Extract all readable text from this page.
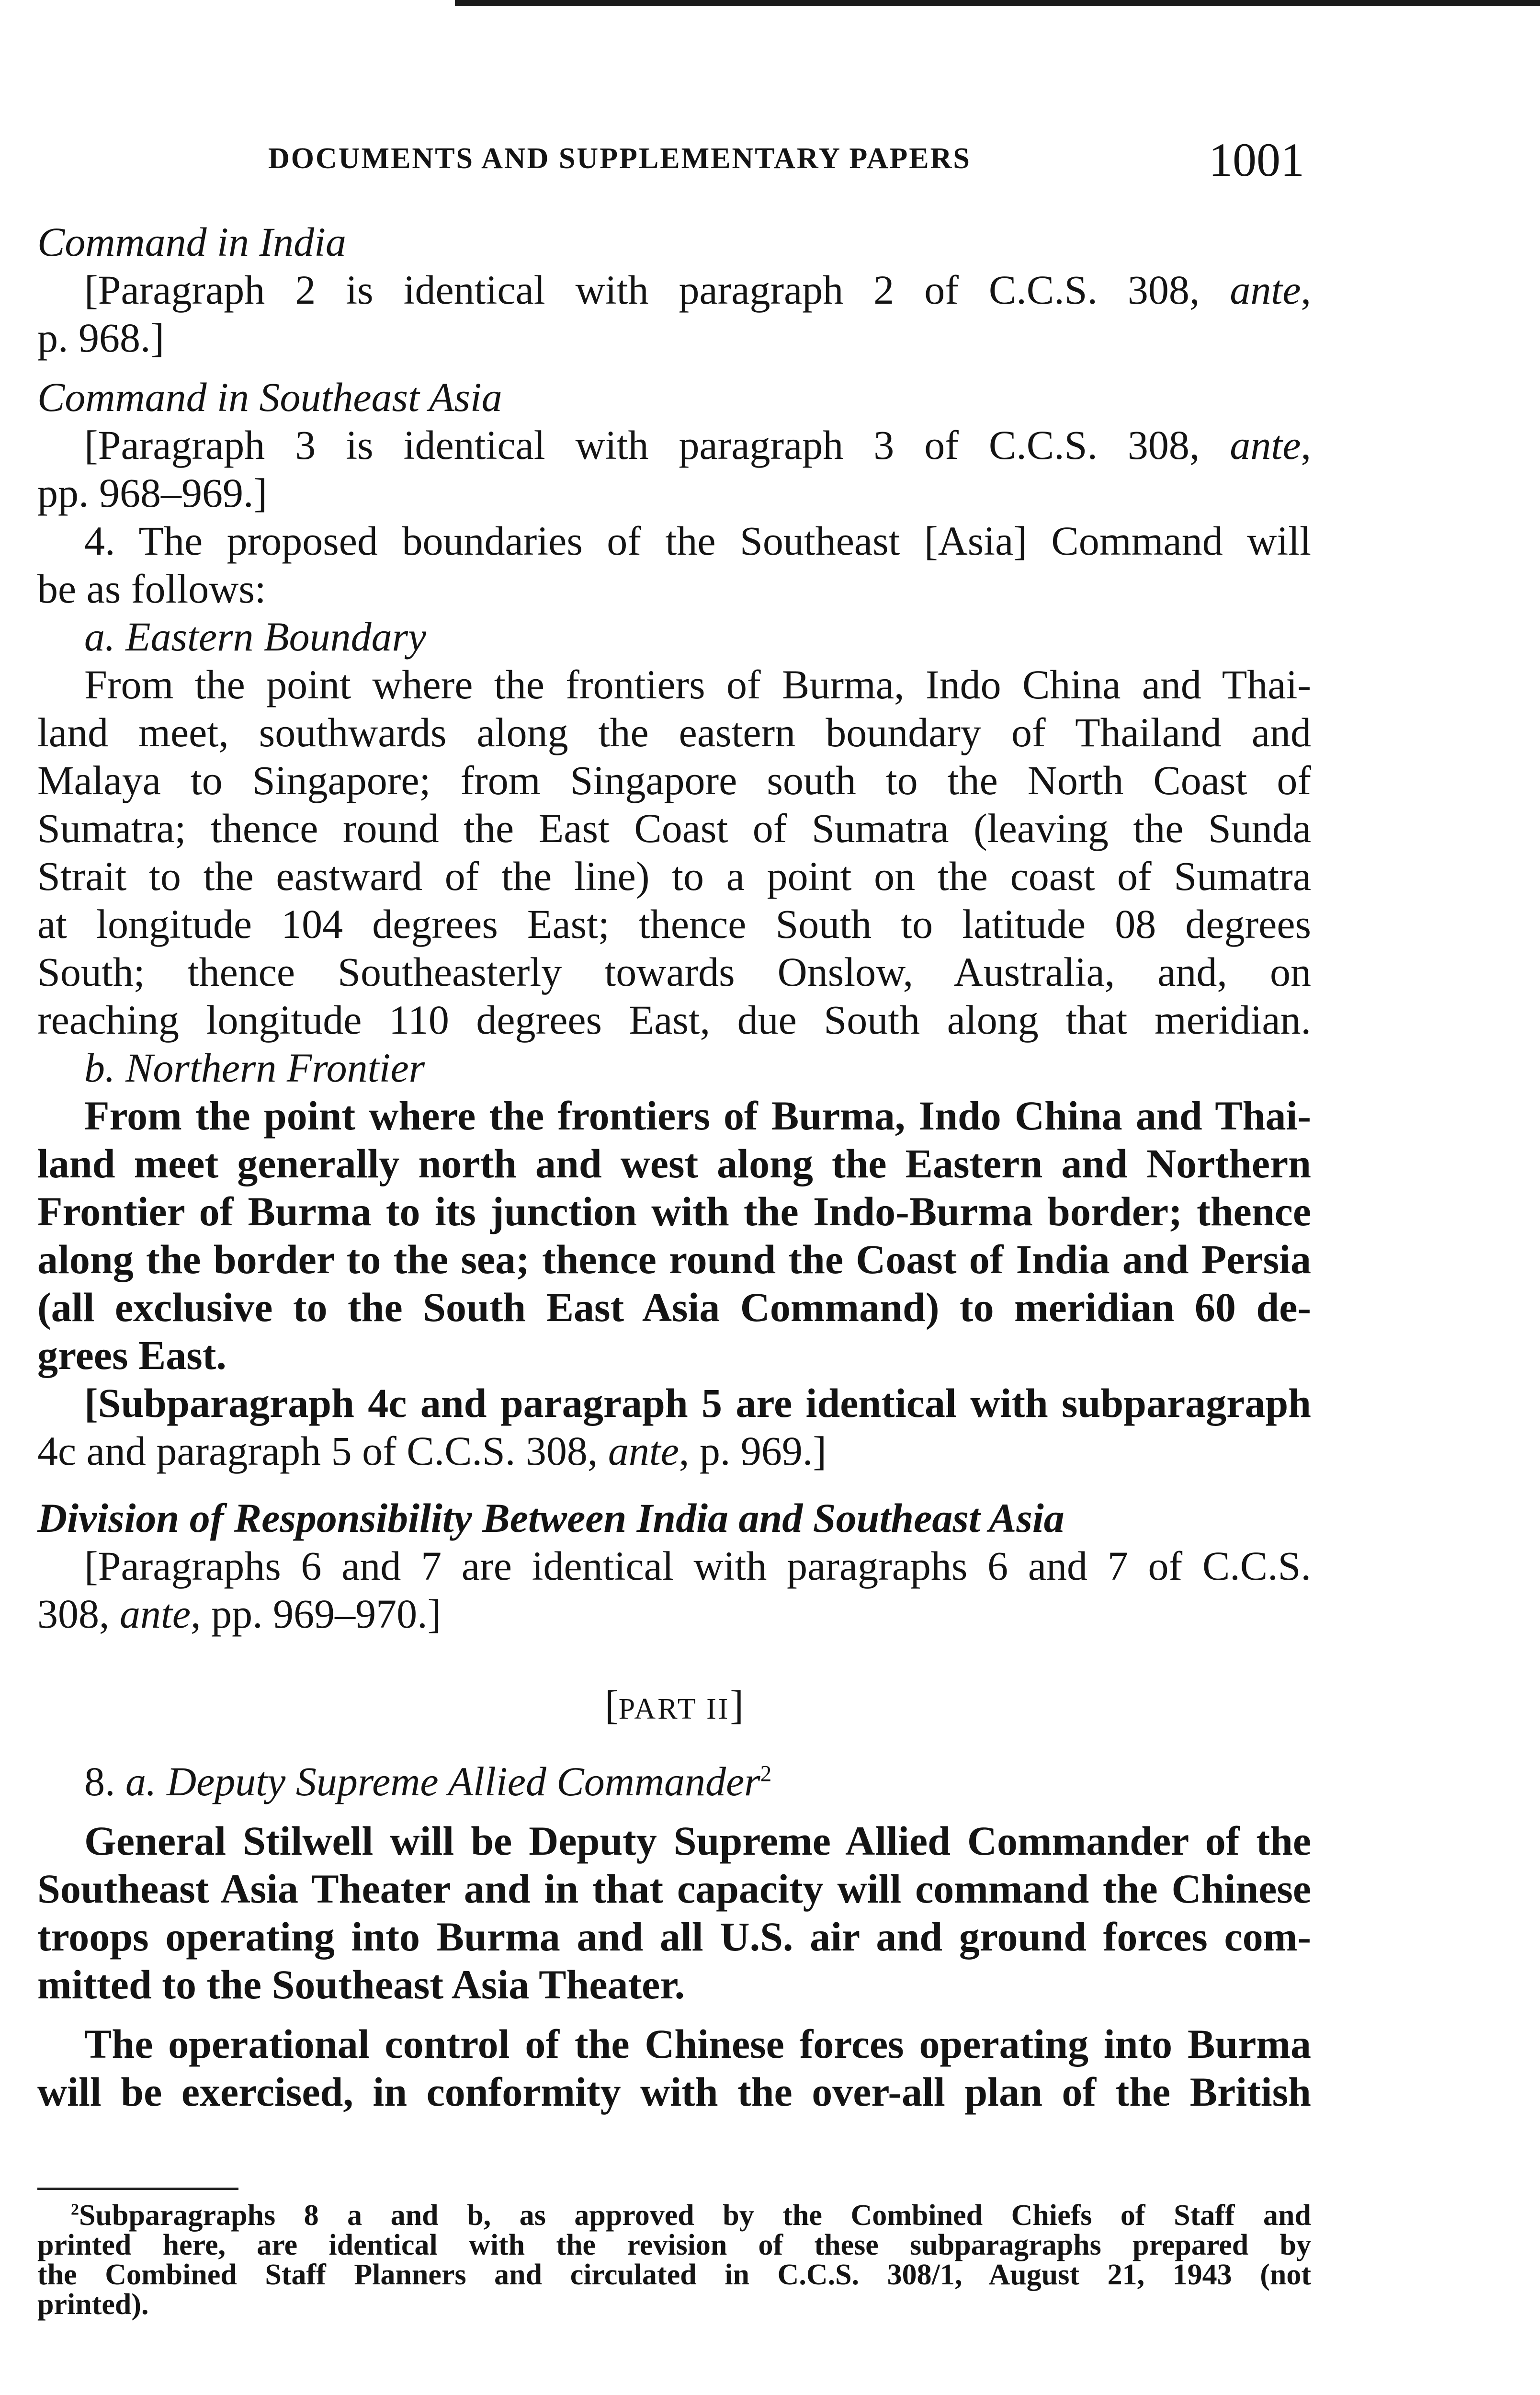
DOCUMENTS AND SUPPLEMENTARY PAPERS	1001
Command in India
[Paragraph 2 is identical with paragraph 2 of C.C.S. 308, ante,
p. 968.]
Command in Southeast Asia
[Paragraph 3 is identical with paragraph 3 of C.C.S. 308, ante,
pp. 968–969.]
4. The proposed boundaries of the Southeast [Asia] Command will
be as follows:
a. Eastern Boundary
From the point where the frontiers of Burma, Indo China and Thai-
land meet, southwards along the eastern boundary of Thailand and
Malaya to Singapore; from Singapore south to the North Coast of
Sumatra; thence round the East Coast of Sumatra (leaving the Sunda
Strait to the eastward of the line) to a point on the coast of Sumatra
at longitude 104 degrees East; thence South to latitude 08 degrees
South; thence Southeasterly towards Onslow, Australia, and, on
reaching longitude 110 degrees East, due South along that meridian.
b. Northern Frontier
From the point where the frontiers of Burma, Indo China and Thai-
land meet generally north and west along the Eastern and Northern
Frontier of Burma to its junction with the Indo-Burma border; thence
along the border to the sea; thence round the Coast of India and Persia
(all exclusive to the South East Asia Command) to meridian 60 de-
grees East.
[Subparagraph 4c and paragraph 5 are identical with subparagraph
4c and paragraph 5 of C.C.S. 308, ante, p. 969.]
Division of Responsibility Between India and Southeast Asia
[Paragraphs 6 and 7 are identical with paragraphs 6 and 7 of C.C.S.
308, ante, pp. 969–970.]
[PART II]
8. a. Deputy Supreme Allied Commander$^2$
General Stilwell will be Deputy Supreme Allied Commander of the
Southeast Asia Theater and in that capacity will command the Chinese
troops operating into Burma and all U.S. air and ground forces com-
mitted to the Southeast Asia Theater.
The operational control of the Chinese forces operating into Burma
will be exercised, in conformity with the over-all plan of the British
$^2$Subparagraphs 8 a and b, as approved by the Combined Chiefs of Staff and
printed here, are identical with the revision of these subparagraphs prepared by
the Combined Staff Planners and circulated in C.C.S. 308/1, August 21, 1943 (not
printed).
